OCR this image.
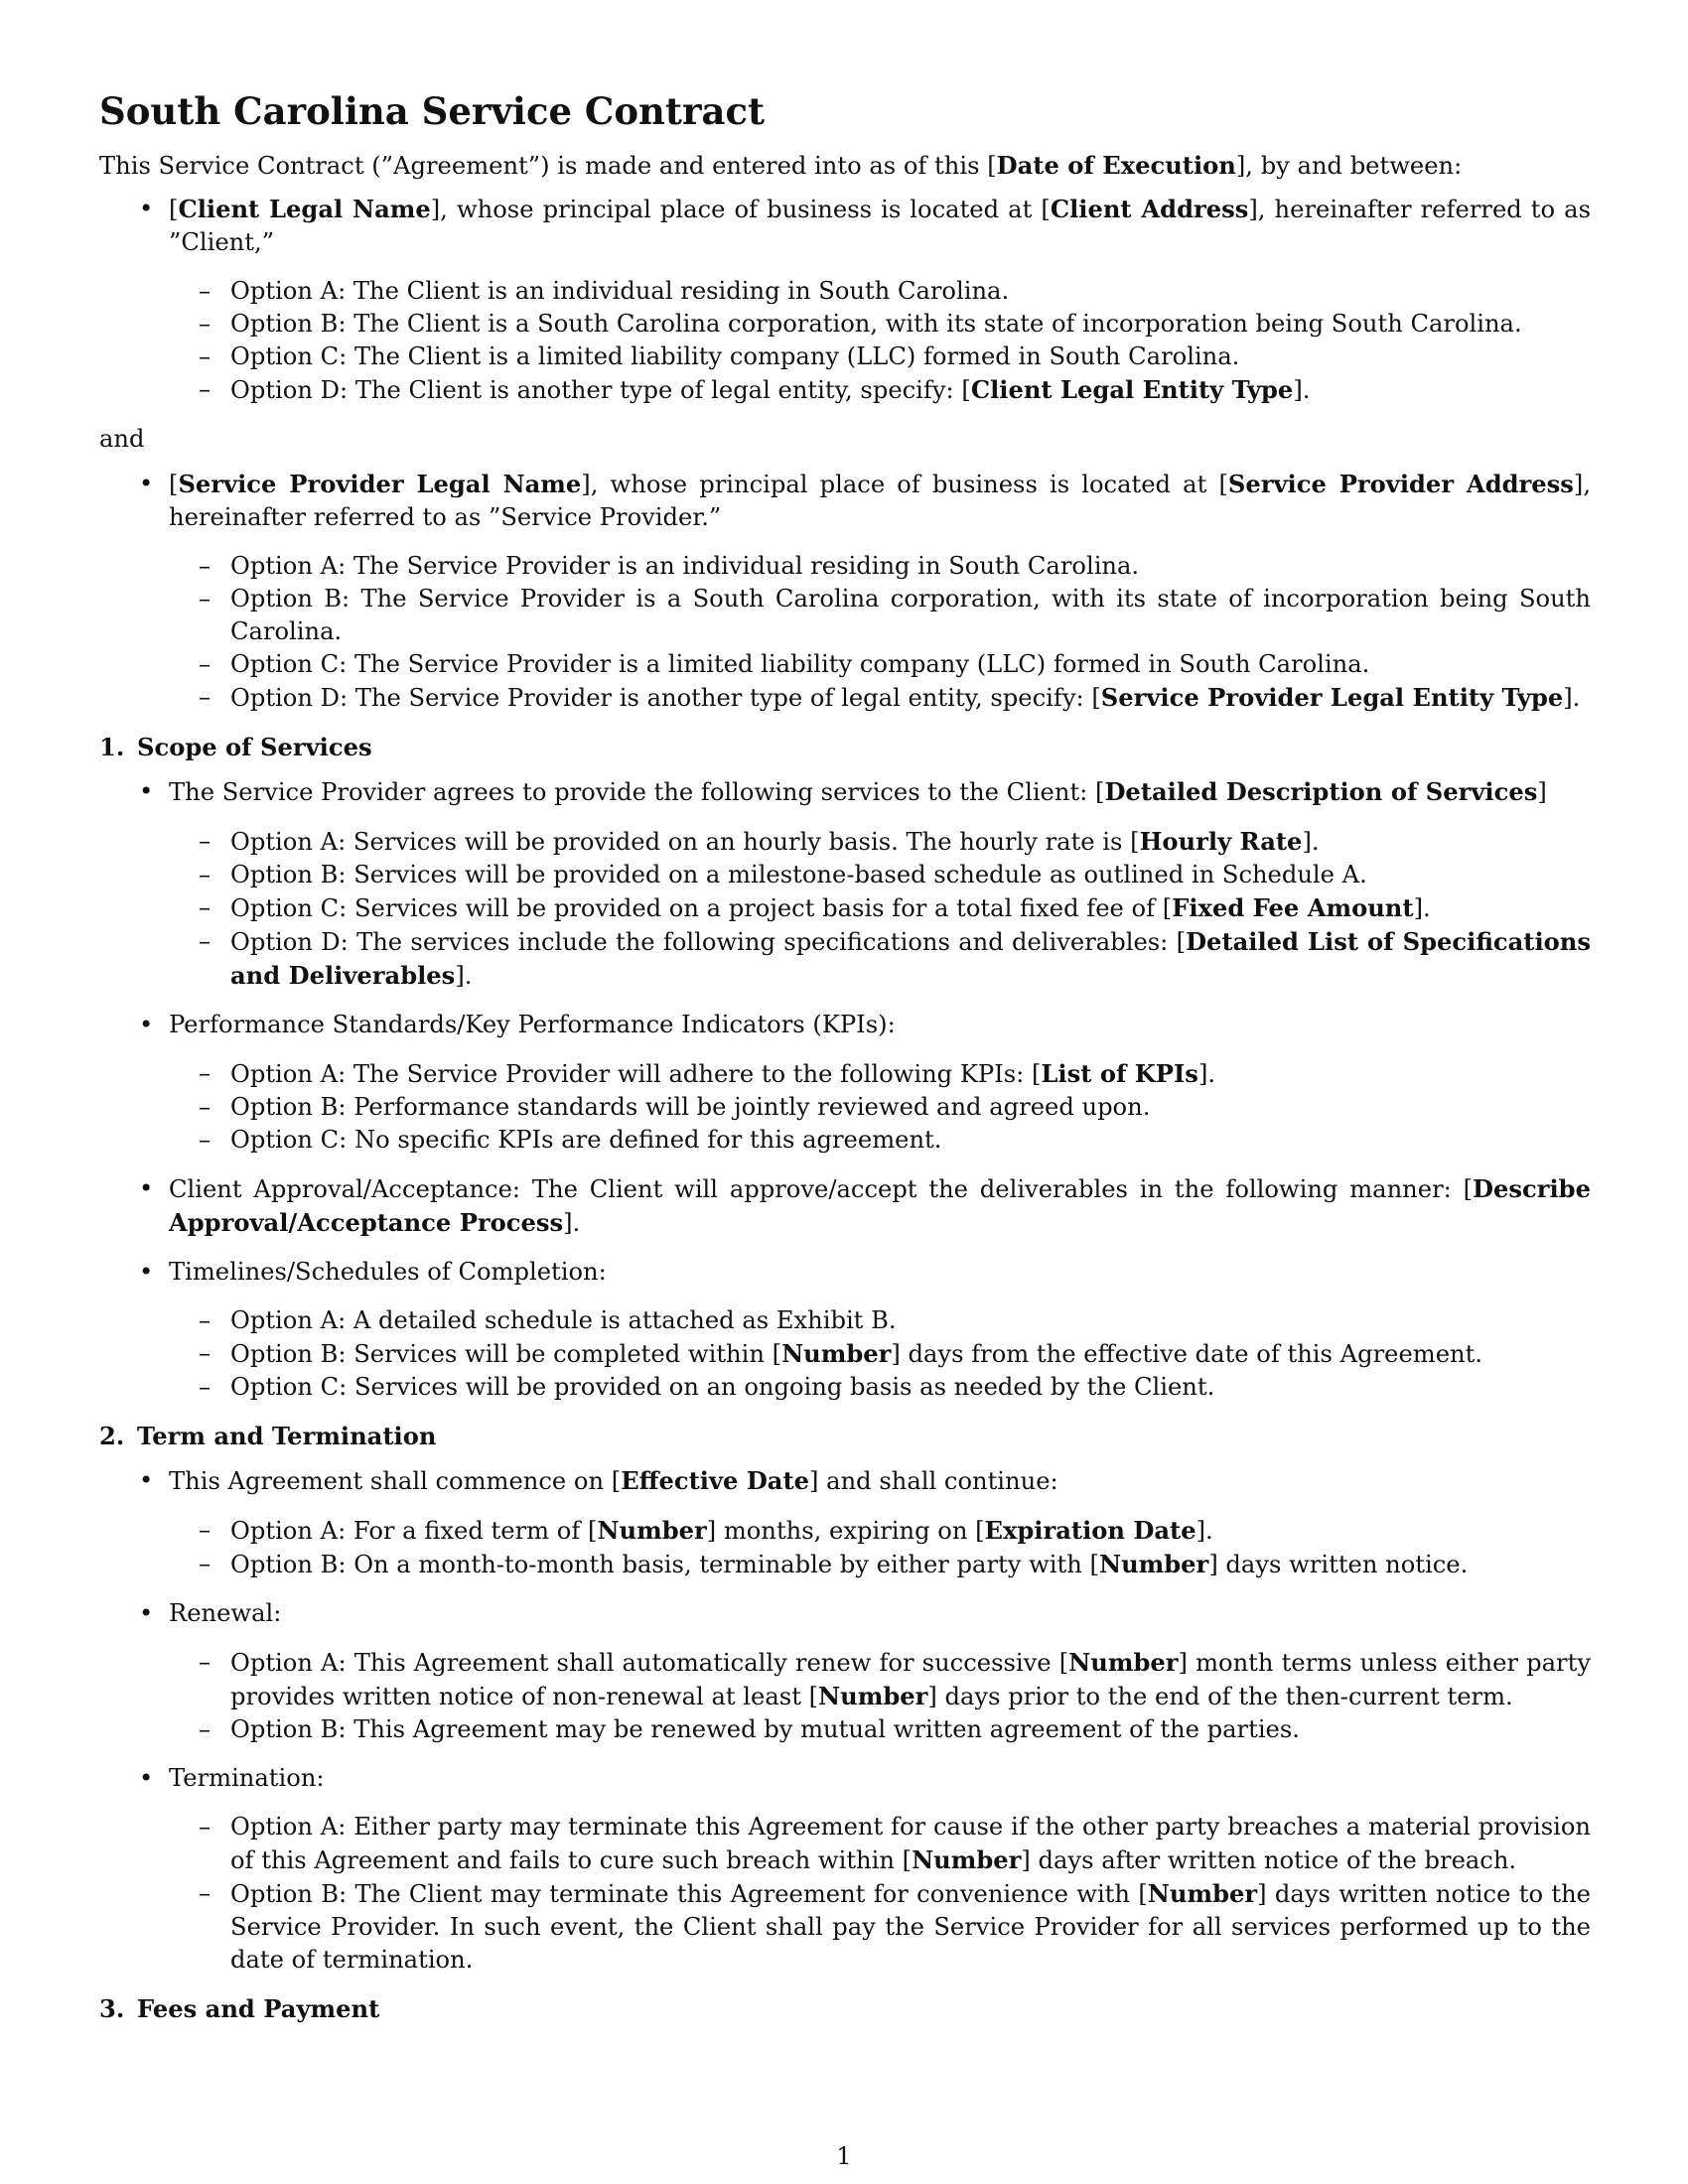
South Carolina Service Contract

This Service Contract (”Agreement”) is made and entered into as of this [Date of Execution], by and between:

• [Client Legal Name], whose principal place of business is located at [Client Address], hereinafter referred to as ”Client,”
– Option A: The Client is an individual residing in South Carolina.
– Option B: The Client is a South Carolina corporation, with its state of incorporation being South Carolina.
– Option C: The Client is a limited liability company (LLC) formed in South Carolina.
– Option D: The Client is another type of legal entity, specify: [Client Legal Entity Type].

and

• [Service Provider Legal Name], whose principal place of business is located at [Service Provider Address], hereinafter referred to as ”Service Provider.”
– Option A: The Service Provider is an individual residing in South Carolina.
– Option B: The Service Provider is a South Carolina corporation, with its state of incorporation being South Carolina.
– Option C: The Service Provider is a limited liability company (LLC) formed in South Carolina.
– Option D: The Service Provider is another type of legal entity, specify: [Service Provider Legal Entity Type].
1. Scope of Services
• The Service Provider agrees to provide the following services to the Client: [Detailed Description of Services]
– Option A: Services will be provided on an hourly basis. The hourly rate is [Hourly Rate].
– Option B: Services will be provided on a milestone-based schedule as outlined in Schedule A.
– Option C: Services will be provided on a project basis for a total fixed fee of [Fixed Fee Amount].
– Option D: The services include the following specifications and deliverables: [Detailed List of Specifications and Deliverables].
• Performance Standards/Key Performance Indicators (KPIs):
– Option A: The Service Provider will adhere to the following KPIs: [List of KPIs].
– Option B: Performance standards will be jointly reviewed and agreed upon.
– Option C: No specific KPIs are defined for this agreement.
• Client Approval/Acceptance: The Client will approve/accept the deliverables in the following manner: [Describe Approval/Acceptance Process].
• Timelines/Schedules of Completion:
– Option A: A detailed schedule is attached as Exhibit B.
– Option B: Services will be completed within [Number] days from the effective date of this Agreement.
– Option C: Services will be provided on an ongoing basis as needed by the Client.
2. Term and Termination
• This Agreement shall commence on [Effective Date] and shall continue:
– Option A: For a fixed term of [Number] months, expiring on [Expiration Date].
– Option B: On a month-to-month basis, terminable by either party with [Number] days written notice.
• Renewal:
– Option A: This Agreement shall automatically renew for successive [Number] month terms unless either party provides written notice of non-renewal at least [Number] days prior to the end of the then-current term.
– Option B: This Agreement may be renewed by mutual written agreement of the parties.
• Termination:
– Option A: Either party may terminate this Agreement for cause if the other party breaches a material provision of this Agreement and fails to cure such breach within [Number] days after written notice of the breach.
– Option B: The Client may terminate this Agreement for convenience with [Number] days written notice to the Service Provider. In such event, the Client shall pay the Service Provider for all services performed up to the date of termination.
3. Fees and Payment
1
